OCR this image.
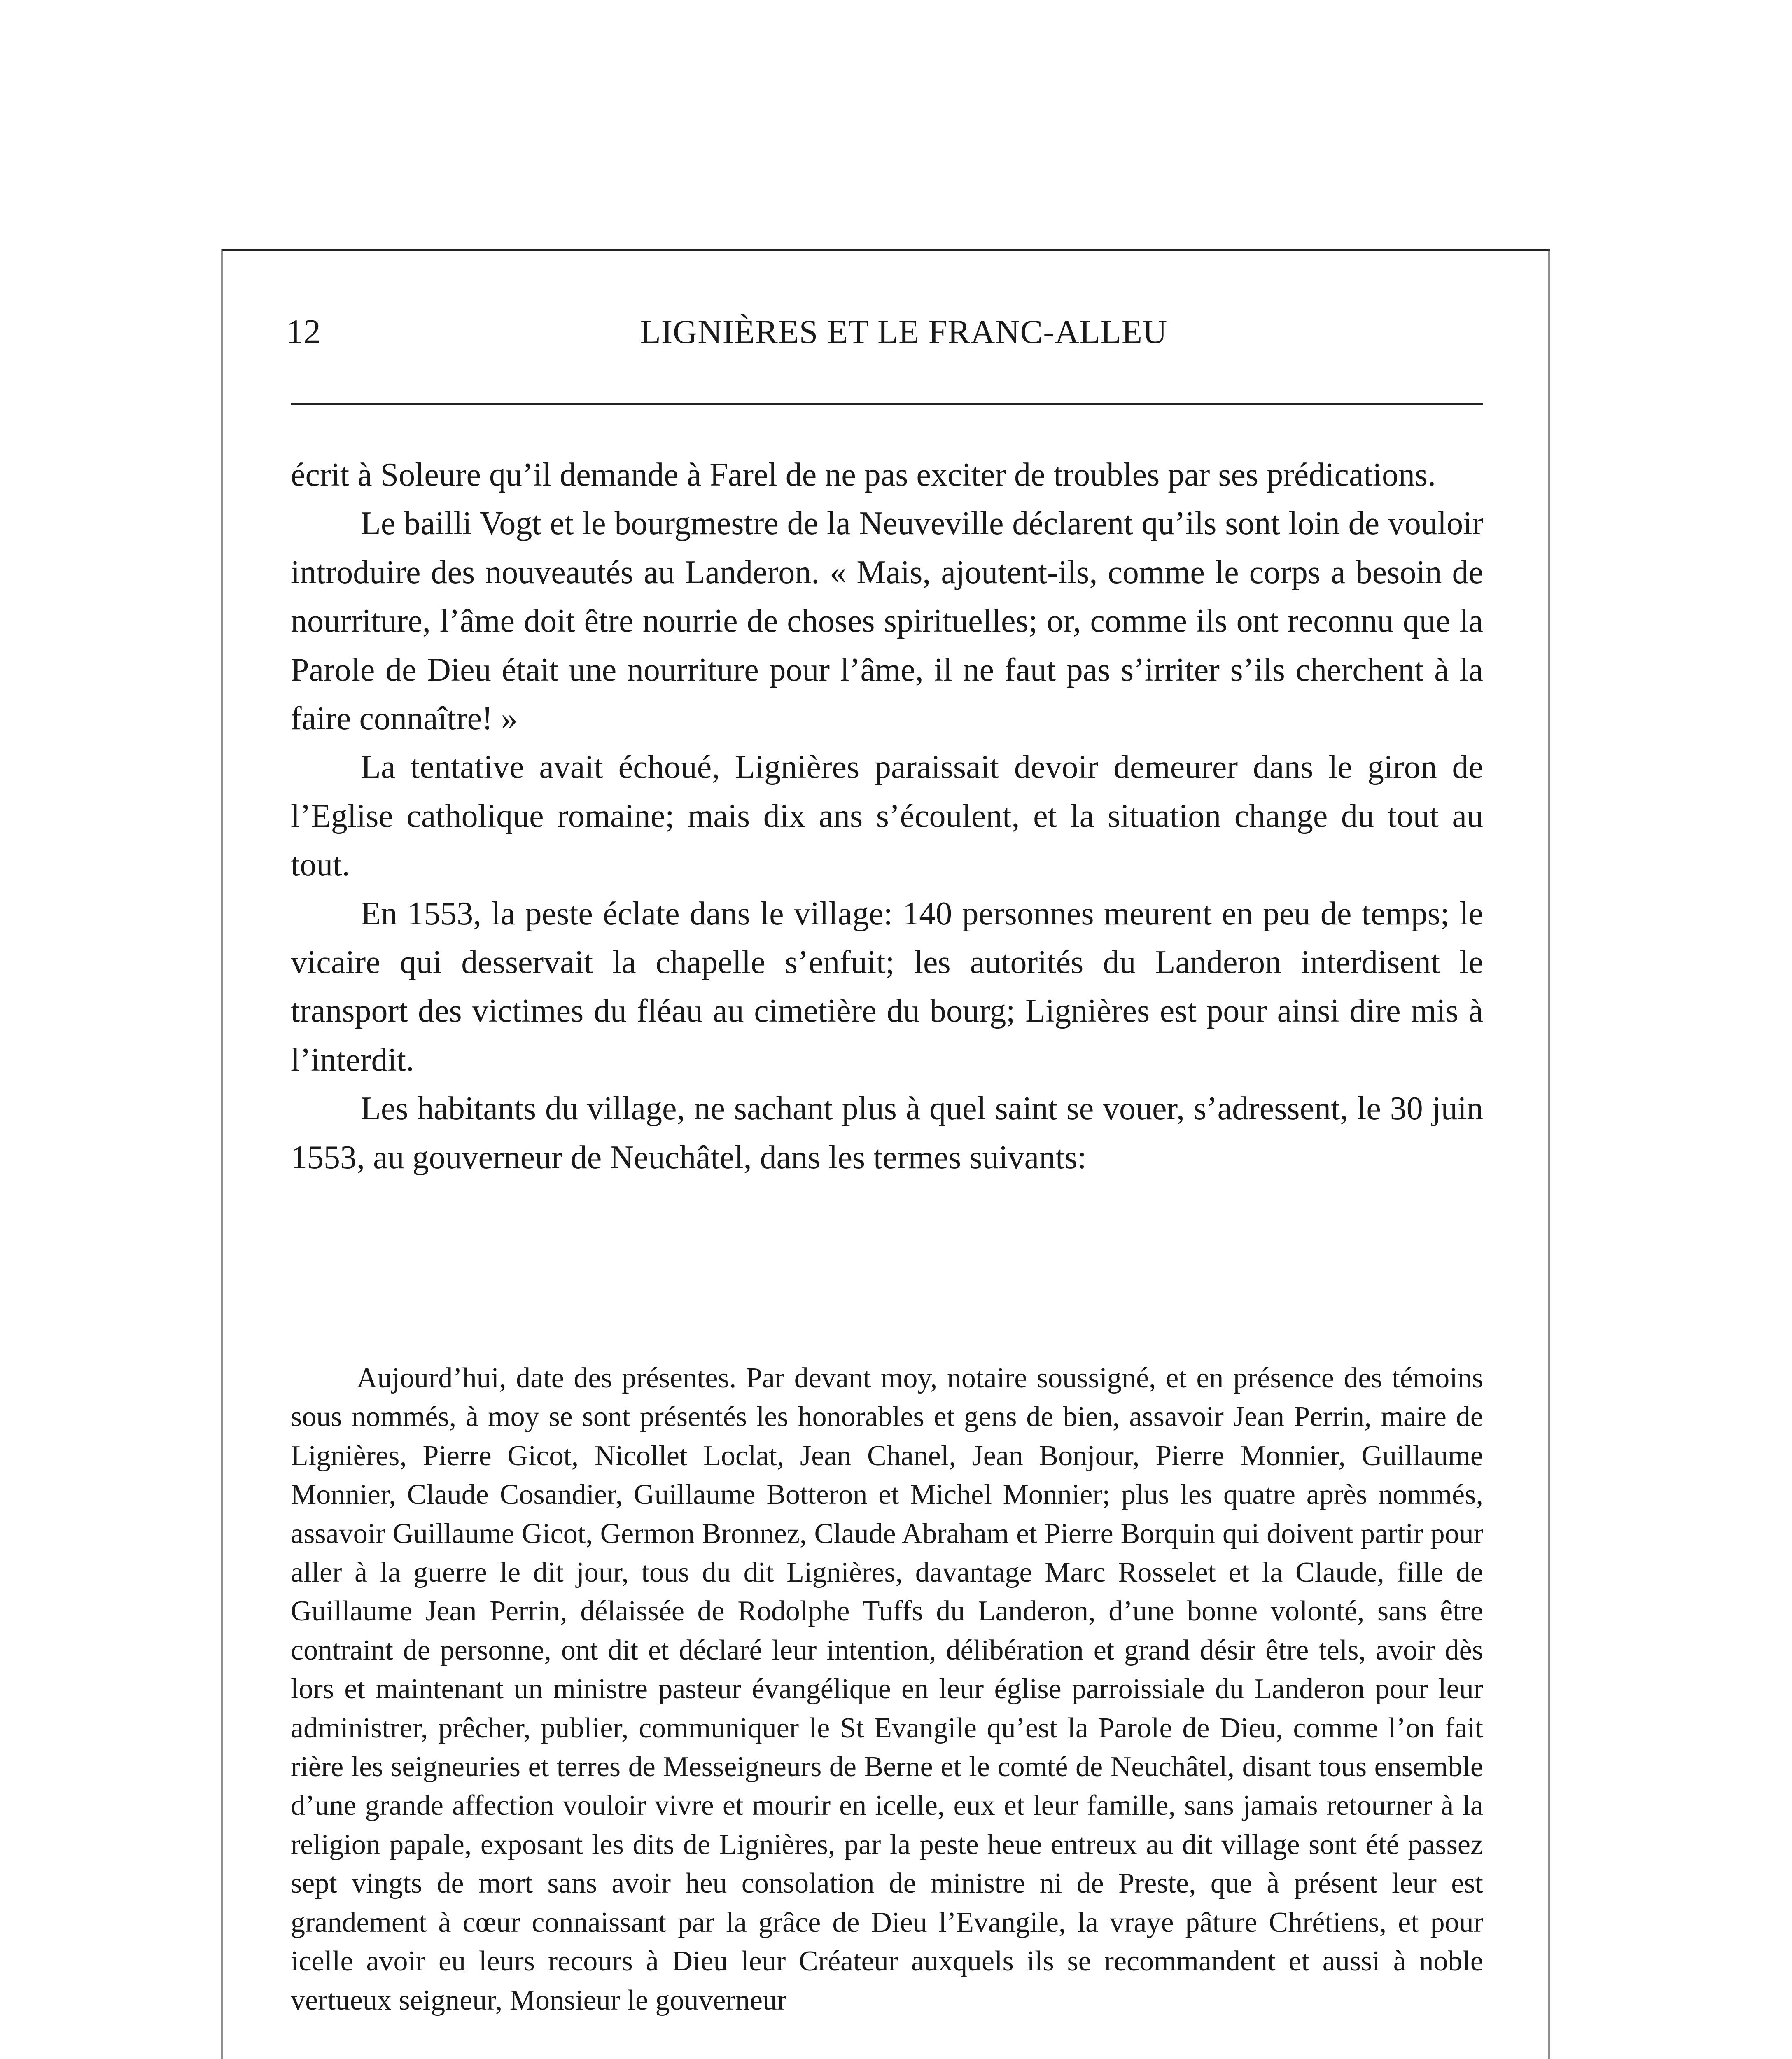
12	LIGNIÈRES ET LE FRANC-ALLEU

écrit à Soleure qu’il demande à Farel de ne pas exciter de troubles par ses prédications.

Le bailli Vogt et le bourgmestre de la Neuveville déclarent qu’ils sont loin de vouloir introduire des nouveautés au Landeron. « Mais, ajoutent-ils, comme le corps a besoin de nourriture, l’âme doit être nourrie de choses spirituelles; or, comme ils ont reconnu que la Parole de Dieu était une nourriture pour l’âme, il ne faut pas s’irriter s’ils cherchent à la faire connaître! »

La tentative avait échoué, Lignières paraissait devoir demeurer dans le giron de l’Eglise catholique romaine; mais dix ans s’écoulent, et la situation change du tout au tout.

En 1553, la peste éclate dans le village: 140 personnes meurent en peu de temps; le vicaire qui desservait la chapelle s’enfuit; les autorités du Landeron interdisent le transport des victimes du fléau au cimetière du bourg; Lignières est pour ainsi dire mis à l’interdit.

Les habitants du village, ne sachant plus à quel saint se vouer, s’adressent, le 30 juin 1553, au gouverneur de Neuchâtel, dans les termes suivants:

Aujourd’hui, date des présentes. Par devant moy, notaire soussigné, et en présence des témoins sous nommés, à moy se sont présentés les honorables et gens de bien, assavoir Jean Perrin, maire de Lignières, Pierre Gicot, Nicollet Loclat, Jean Chanel, Jean Bonjour, Pierre Monnier, Guillaume Monnier, Claude Cosandier, Guillaume Botteron et Michel Monnier; plus les quatre après nommés, assavoir Guillaume Gicot, Germon Bronnez, Claude Abraham et Pierre Borquin qui doivent partir pour aller à la guerre le dit jour, tous du dit Lignières, davantage Marc Rosselet et la Claude, fille de Guillaume Jean Perrin, délaissée de Rodolphe Tuffs du Landeron, d’une bonne volonté, sans être contraint de personne, ont dit et déclaré leur intention, délibération et grand désir être tels, avoir dès lors et maintenant un ministre pasteur évangélique en leur église parroissiale du Landeron pour leur administrer, prêcher, publier, communiquer le St Evangile qu’est la Parole de Dieu, comme l’on fait rière les seigneuries et terres de Messeigneurs de Berne et le comté de Neuchâtel, disant tous ensemble d’une grande affection vouloir vivre et mourir en icelle, eux et leur famille, sans jamais retourner à la religion papale, exposant les dits de Lignières, par la peste heue entreux au dit village sont été passez sept vingts de mort sans avoir heu consolation de ministre ni de Preste, que à présent leur est grandement à cœur connaissant par la grâce de Dieu l’Evangile, la vraye pâture Chrétiens, et pour icelle avoir eu leurs recours à Dieu leur Créateur auxquels ils se recommandent et aussi à noble vertueux seigneur, Monsieur le gouverneur
